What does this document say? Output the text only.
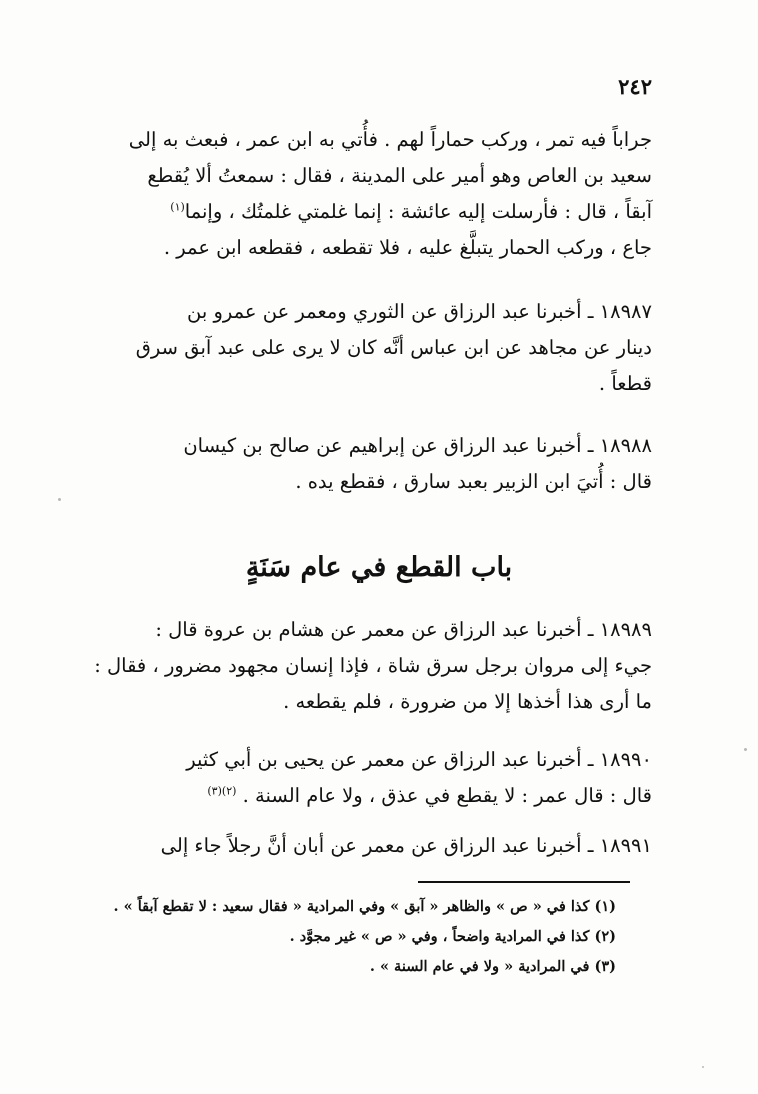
٢٤٢
جراباً فيه تمر ، وركب حماراً لهم . فأُتي به ابن عمر ، فبعث به إلى
سعيد بن العاص وهو أمير على المدينة ، فقال : سمعتُ ألا يُقطع
آبقاً ، قال : فأرسلت إليه عائشة : إنما غلمتي غلمتُك ، وإنما$^{(١)}$
جاع ، وركب الحمار يتبلَّغ عليه ، فلا تقطعه ، فقطعه ابن عمر .
١٨٩٨٧ ـ أخبرنا عبد الرزاق عن الثوري ومعمر عن عمرو بن
دينار عن مجاهد عن ابن عباس أنَّه كان لا يرى على عبد آبق سرق
قطعاً .
١٨٩٨٨ ـ أخبرنا عبد الرزاق عن إبراهيم عن صالح بن كيسان
قال : أُتيَ ابن الزبير بعبد سارق ، فقطع يده .
باب القطع في عام سَنَةٍ
١٨٩٨٩ ـ أخبرنا عبد الرزاق عن معمر عن هشام بن عروة قال :
جيء إلى مروان برجل سرق شاة ، فإذا إنسان مجهود مضرور ، فقال :
ما أرى هذا أخذها إلا من ضرورة ، فلم يقطعه .
١٨٩٩٠ ـ أخبرنا عبد الرزاق عن معمر عن يحيى بن أبي كثير
قال : قال عمر : لا يقطع في عذق ، ولا عام السنة . $^{(٢)(٣)}$
١٨٩٩١ ـ أخبرنا عبد الرزاق عن معمر عن أبان أنَّ رجلاً جاء إلى
(١) كذا في « ص » والظاهر « آبق » وفي المرادية « فقال سعيد : لا تقطع آبقاً » .
(٢) كذا في المرادية واضحاً ، وفي « ص » غير مجوَّد .
(٣) في المرادية « ولا في عام السنة » .
